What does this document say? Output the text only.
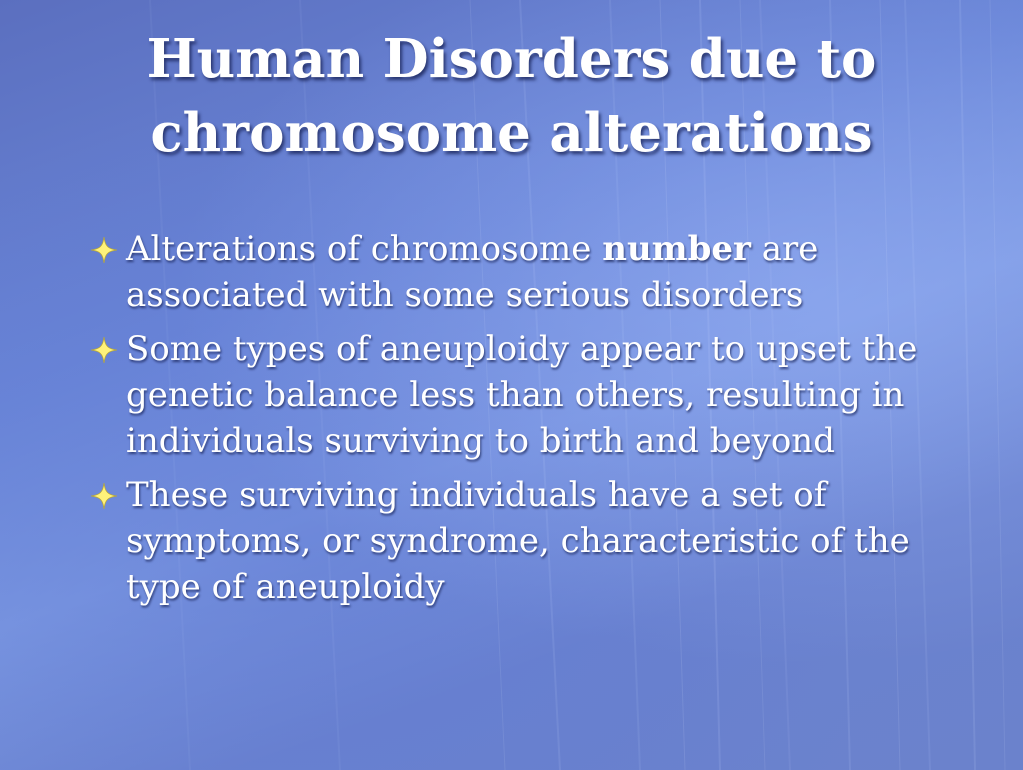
Human Disorders due to chromosome alterations
Alterations of chromosome number are associated with some serious disorders
Some types of aneuploidy appear to upset the genetic balance less than others, resulting in individuals surviving to birth and beyond
These surviving individuals have a set of symptoms, or syndrome, characteristic of the type of aneuploidy
